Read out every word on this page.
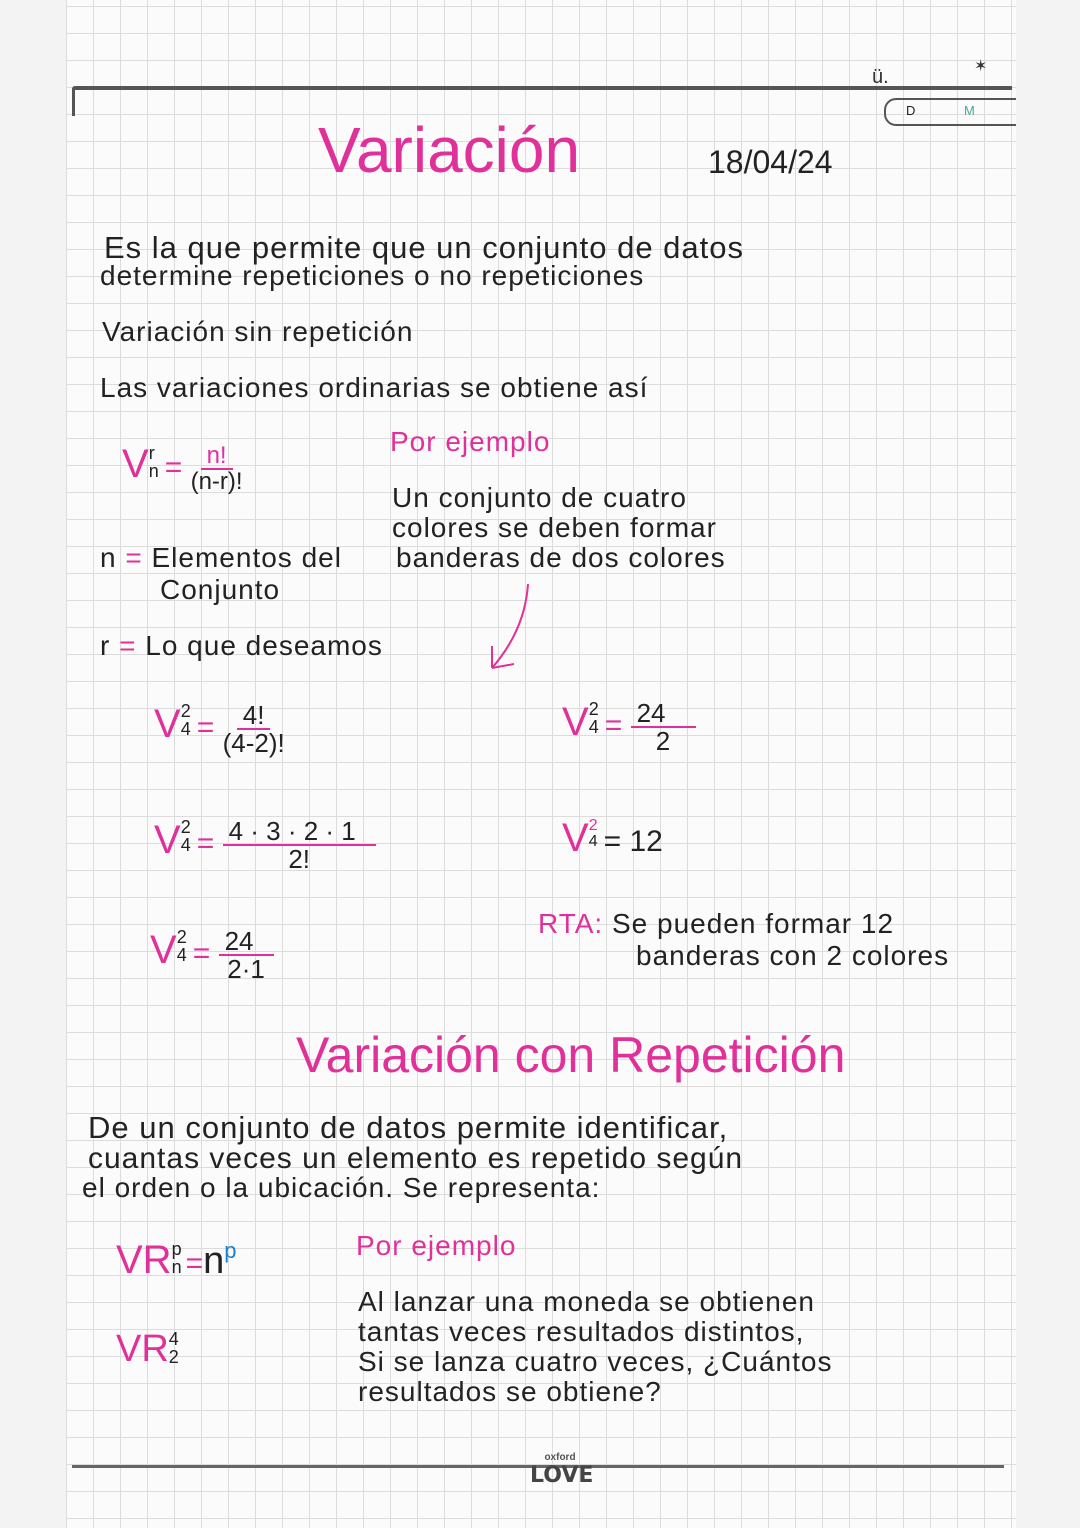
ü.	✶
D	M
Variación	18/04/24
Es la que permite que un conjunto de datos
determine repeticiones o no repeticiones
Variación sin repetición
Las variaciones ordinarias se obtiene así
V r
$n = \frac{n!}{(n-r)!}$
n = Elementos del
Conjunto
r = Lo que deseamos
Por ejemplo
Un conjunto de cuatro
colores se deben formar
banderas de dos colores
V 2
$4 = \frac{4!}{(4-2)!}$
V 2
$4 = \frac{4 \cdot 3 \cdot 2 \cdot 1}{2!}$
V 2
$4 = \frac{24}{2\cdot 1}$
V 2
$4 = \frac{24}{2}$
V 2
4 = 12
RTA: Se pueden formar 12
banderas con 2 colores
Variación con Repetición
De un conjunto de datos permite identificar,
cuantas veces un elemento es repetido según
el orden o la ubicación. Se representa:
VR p
$n =n^p$
VR 4
2
Por ejemplo
Al lanzar una moneda se obtienen
tantas veces resultados distintos,
Si se lanza cuatro veces, ¿Cuántos
resultados se obtiene?
oxford
LOVE
